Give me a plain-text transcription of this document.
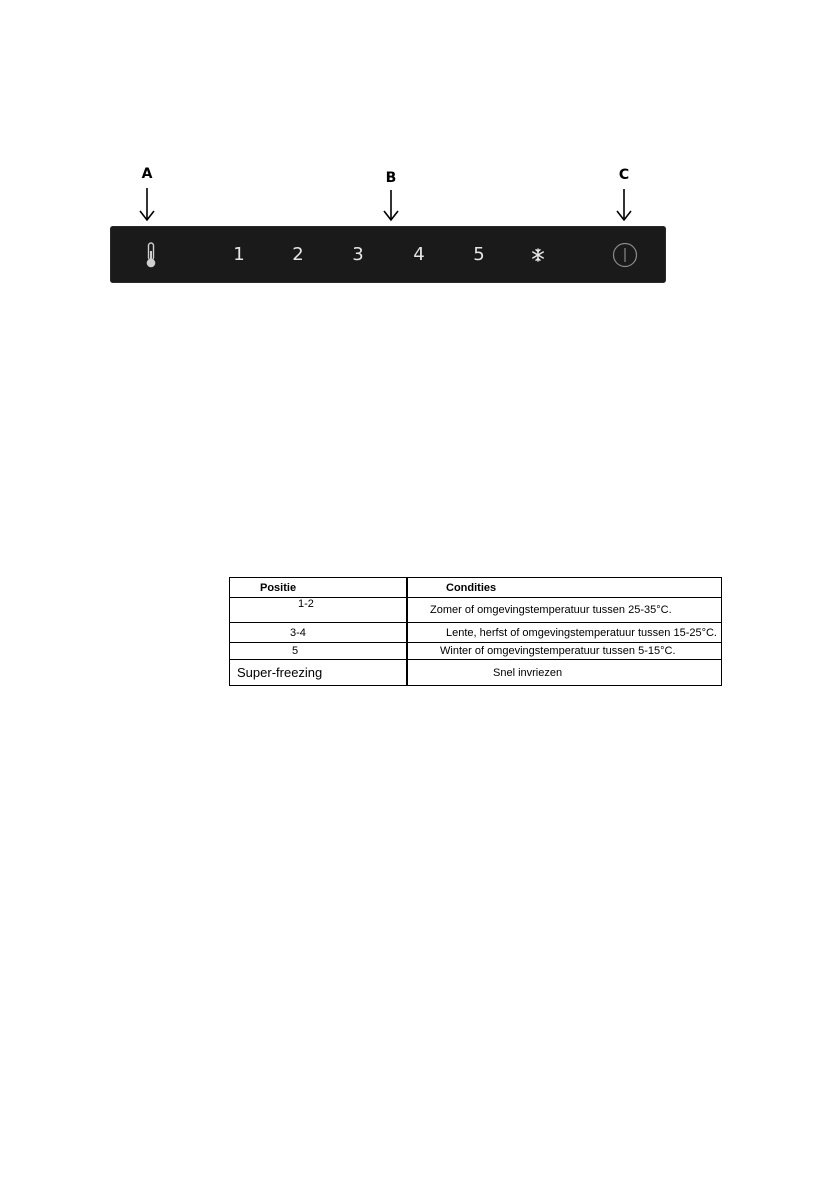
A	B	C
1	2	3	4	5
Positie	Condities
1-2	Zomer of omgevingstemperatuur tussen 25-35°C.
3-4	Lente, herfst of omgevingstemperatuur tussen 15-25°C.
5	Winter of omgevingstemperatuur tussen 5-15°C.
Super-freezing	Snel invriezen
